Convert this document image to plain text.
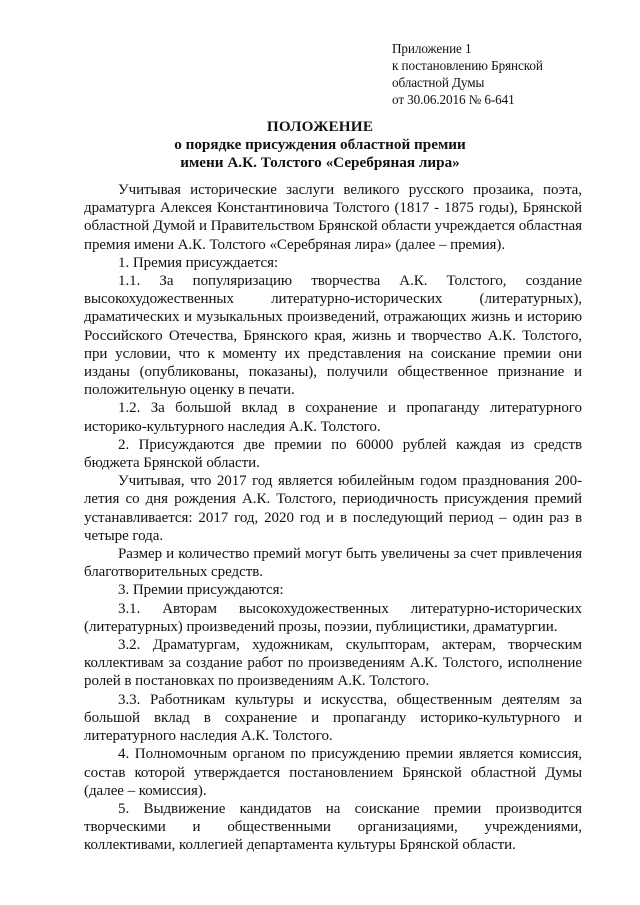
Приложение 1
к постановлению Брянской
областной Думы
от 30.06.2016 № 6-641
ПОЛОЖЕНИЕ
о порядке присуждения областной премии
имени А.К. Толстого «Серебряная лира»

Учитывая исторические заслуги великого русского прозаика, поэта, драматурга Алексея Константиновича Толстого (1817 - 1875 годы), Брянской областной Думой и Правительством Брянской области учреждается областная премия имени А.К. Толстого «Серебряная лира» (далее – премия).

1. Премия присуждается:

1.1. За популяризацию творчества А.К. Толстого, создание высокохудожественных литературно-исторических (литературных), драматических и музыкальных произведений, отражающих жизнь и историю Российского Отечества, Брянского края, жизнь и творчество А.К. Толстого, при условии, что к моменту их представления на соискание премии они изданы (опубликованы, показаны), получили общественное признание и положительную оценку в печати.

1.2. За большой вклад в сохранение и пропаганду литературного историко-культурного наследия А.К. Толстого.

2. Присуждаются две премии по 60000 рублей каждая из средств бюджета Брянской области.

Учитывая, что 2017 год является юбилейным годом празднования 200-летия со дня рождения А.К. Толстого, периодичность присуждения премий устанавливается: 2017 год, 2020 год и в последующий период – один раз в четыре года.

Размер и количество премий могут быть увеличены за счет привлечения благотворительных средств.

3. Премии присуждаются:

3.1. Авторам высокохудожественных литературно-исторических (литературных) произведений прозы, поэзии, публицистики, драматургии.

3.2. Драматургам, художникам, скульпторам, актерам, творческим коллективам за создание работ по произведениям А.К. Толстого, исполнение ролей в постановках по произведениям А.К. Толстого.

3.3. Работникам культуры и искусства, общественным деятелям за большой вклад в сохранение и пропаганду историко-культурного и литературного наследия А.К. Толстого.

4. Полномочным органом по присуждению премии является комиссия, состав которой утверждается постановлением Брянской областной Думы (далее – комиссия).

5. Выдвижение кандидатов на соискание премии производится творческими и общественными организациями, учреждениями, коллективами, коллегией департамента культуры Брянской области.
